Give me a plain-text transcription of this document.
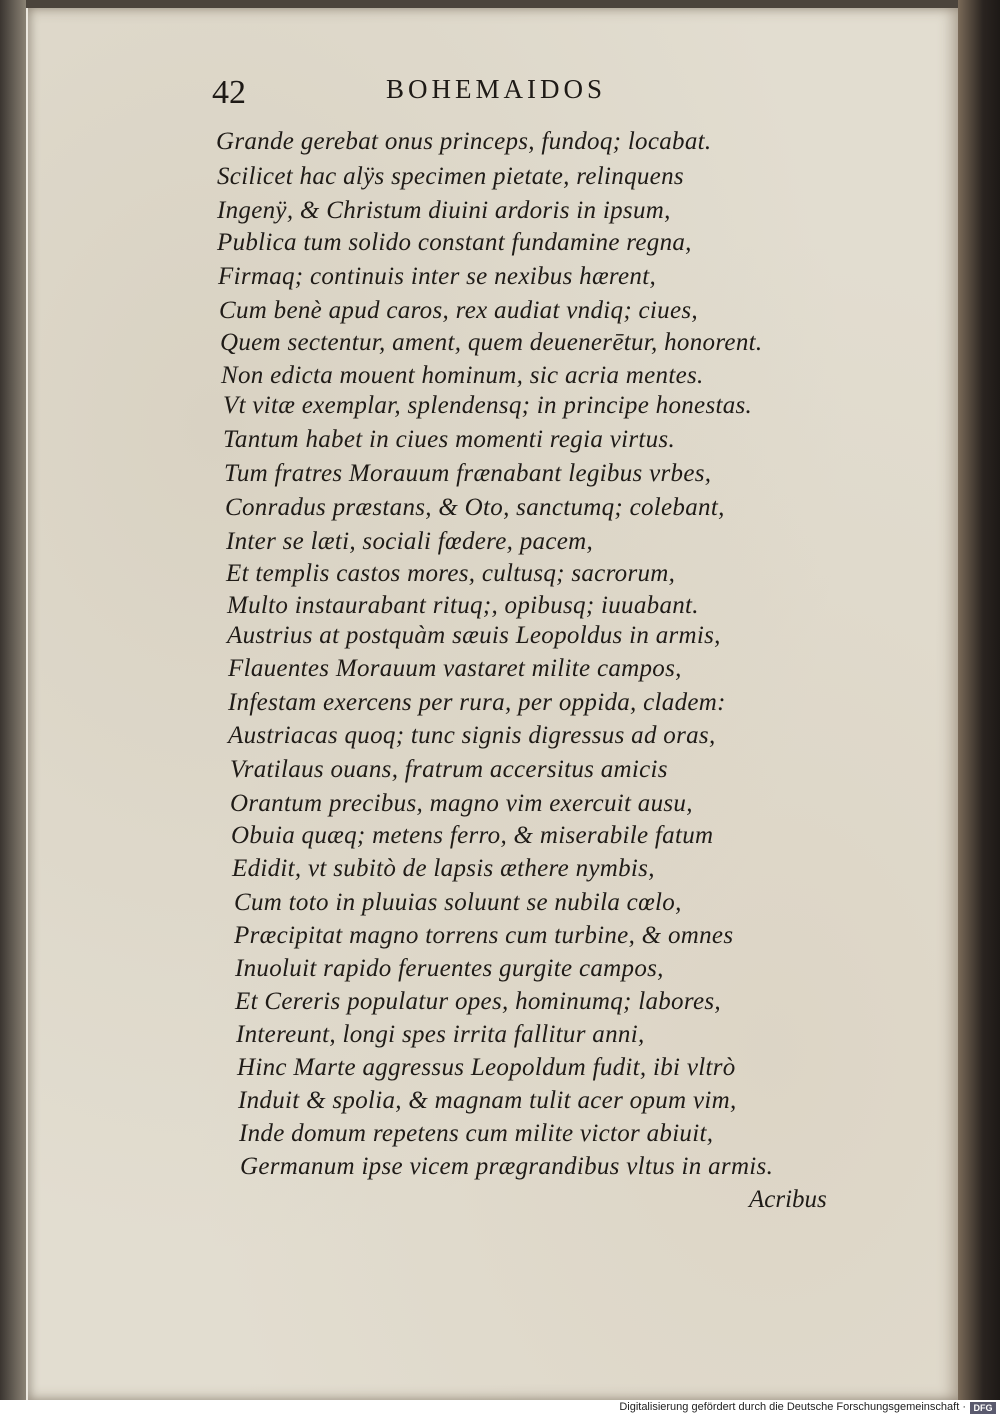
42	BOHEMAIDOS
Grande gerebat onus princeps, fundoq; locabat.
Scilicet hac alÿs specimen pietate, relinquens
Ingenÿ, & Christum diuini ardoris in ipsum,
Publica tum solido constant fundamine regna,
Firmaq; continuis inter se nexibus hærent,
Cum benè apud caros, rex audiat vndiq; ciues,
Quem sectentur, ament, quem deuenerētur, honorent.
Non edicta mouent hominum, sic acria mentes.
Vt vitæ exemplar, splendensq; in principe honestas.
Tantum habet in ciues momenti regia virtus.
Tum fratres Morauum frænabant legibus vrbes,
Conradus præstans, & Oto, sanctumq; colebant,
Inter se læti, sociali fœdere, pacem,
Et templis castos mores, cultusq; sacrorum,
Multo instaurabant rituq;, opibusq; iuuabant.
Austrius at postquàm sæuis Leopoldus in armis,
Flauentes Morauum vastaret milite campos,
Infestam exercens per rura, per oppida, cladem:
Austriacas quoq; tunc signis digressus ad oras,
Vratilaus ouans, fratrum accersitus amicis
Orantum precibus, magno vim exercuit ausu,
Obuia quæq; metens ferro, & miserabile fatum
Edidit, vt subitò de lapsis æthere nymbis,
Cum toto in pluuias soluunt se nubila cœlo,
Præcipitat magno torrens cum turbine, & omnes
Inuoluit rapido feruentes gurgite campos,
Et Cereris populatur opes, hominumq; labores,
Intereunt, longi spes irrita fallitur anni,
Hinc Marte aggressus Leopoldum fudit, ibi vltrò
Induit & spolia, & magnam tulit acer opum vim,
Inde domum repetens cum milite victor abiuit,
Germanum ipse vicem prægrandibus vltus in armis.
Acribus
Digitalisierung gefördert durch die Deutsche Forschungsgemeinschaft · DFG
